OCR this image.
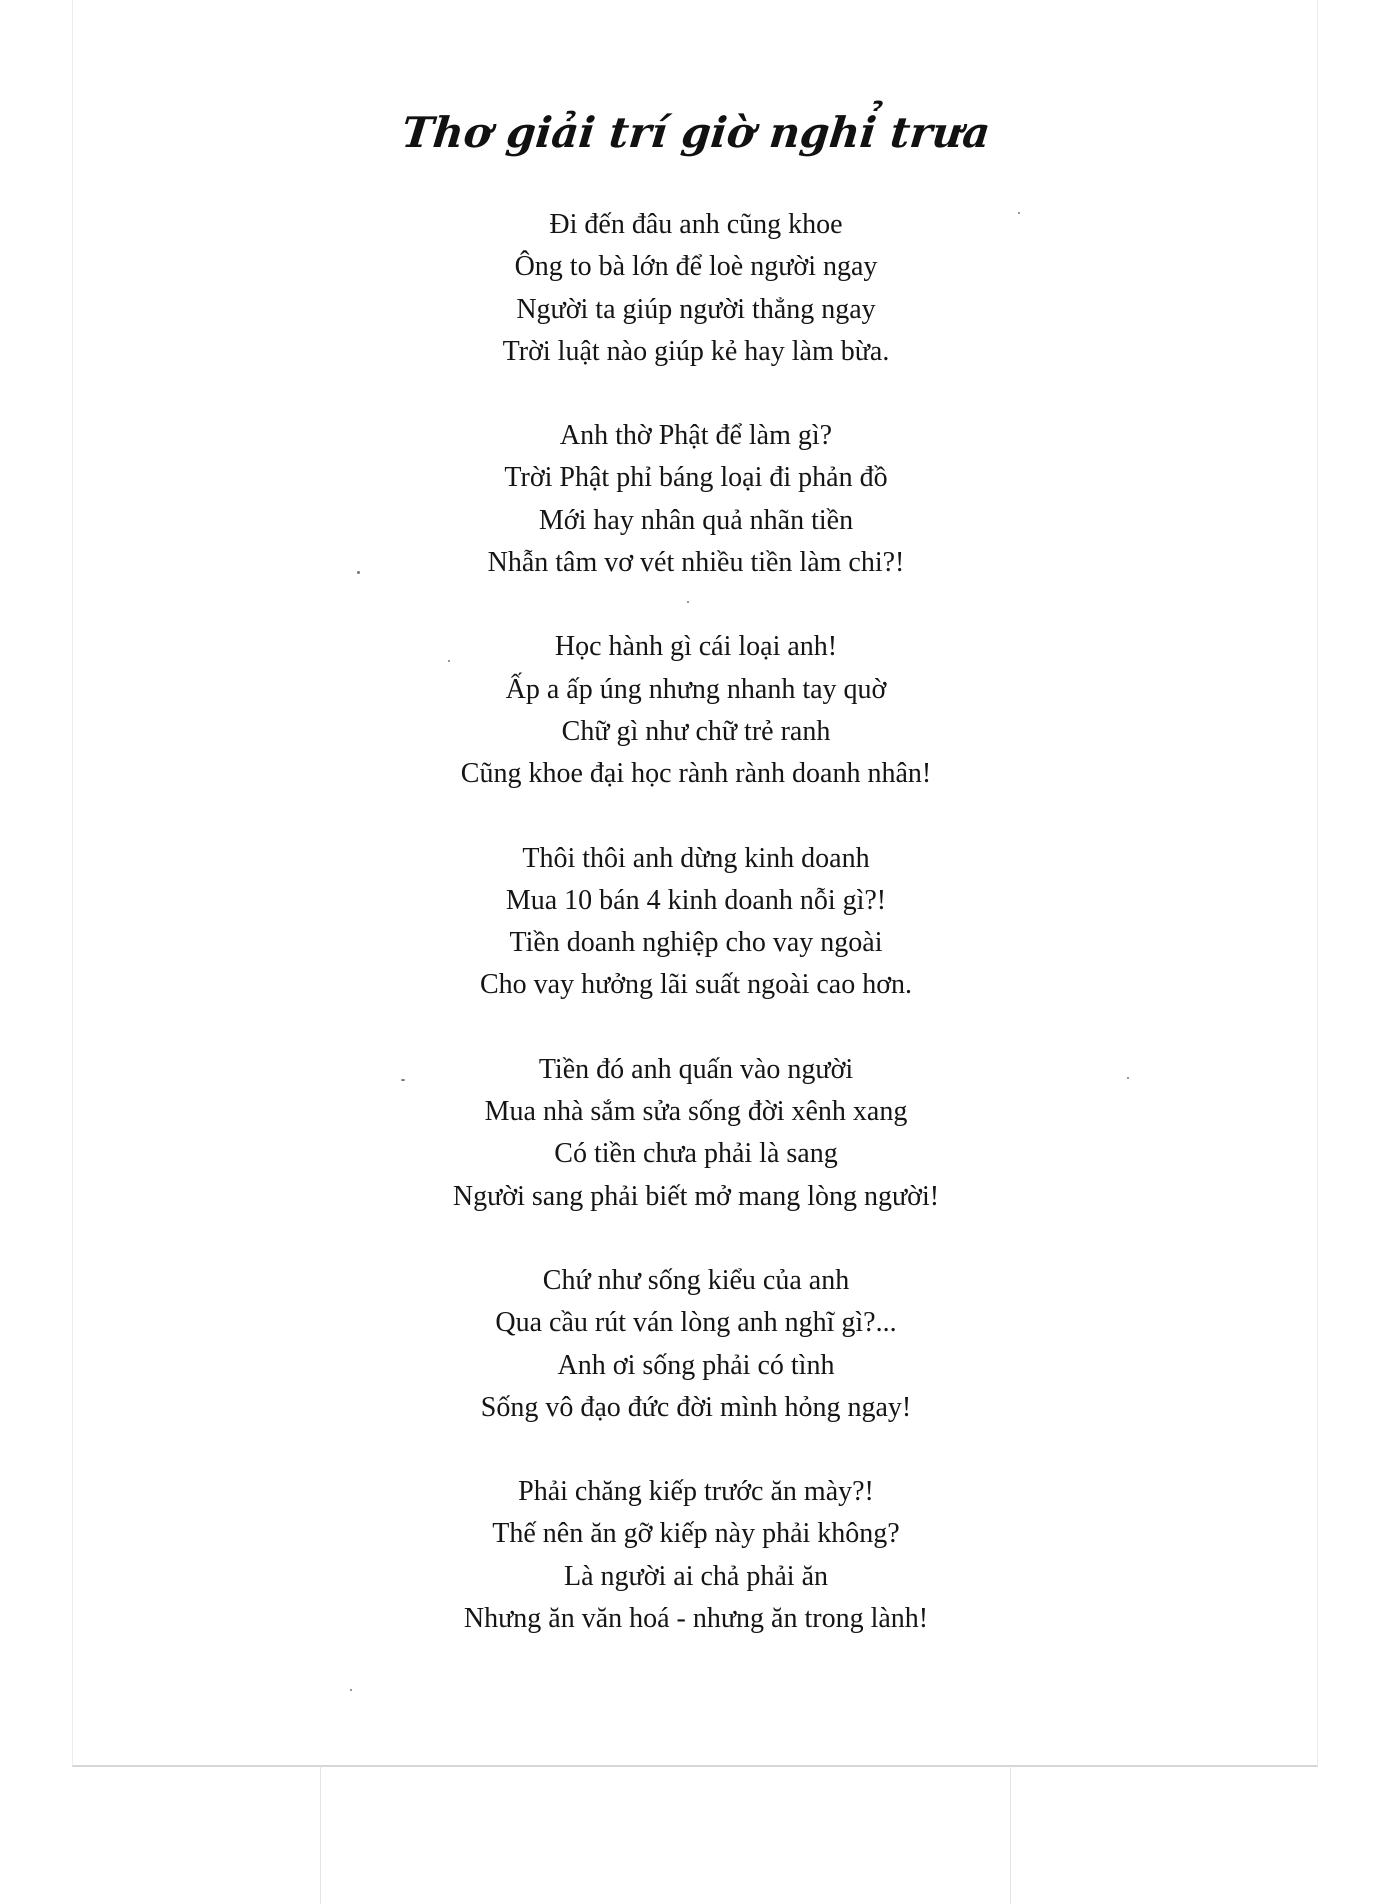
Thơ giải trí giờ nghỉ trưa
Đi đến đâu anh cũng khoe
Ông to bà lớn để loè người ngay
Người ta giúp người thẳng ngay
Trời luật nào giúp kẻ hay làm bừa.
Anh thờ Phật để làm gì?
Trời Phật phỉ báng loại đi phản đồ
Mới hay nhân quả nhãn tiền
Nhẫn tâm vơ vét nhiều tiền làm chi?!
Học hành gì cái loại anh!
Ấp a ấp úng nhưng nhanh tay quờ
Chữ gì như chữ trẻ ranh
Cũng khoe đại học rành rành doanh nhân!
Thôi thôi anh dừng kinh doanh
Mua 10 bán 4 kinh doanh nỗi gì?!
Tiền doanh nghiệp cho vay ngoài
Cho vay hưởng lãi suất ngoài cao hơn.
Tiền đó anh quấn vào người
Mua nhà sắm sửa sống đời xênh xang
Có tiền chưa phải là sang
Người sang phải biết mở mang lòng người!
Chứ như sống kiểu của anh
Qua cầu rút ván lòng anh nghĩ gì?...
Anh ơi sống phải có tình
Sống vô đạo đức đời mình hỏng ngay!
Phải chăng kiếp trước ăn mày?!
Thế nên ăn gỡ kiếp này phải không?
Là người ai chả phải ăn
Nhưng ăn văn hoá - nhưng ăn trong lành!
